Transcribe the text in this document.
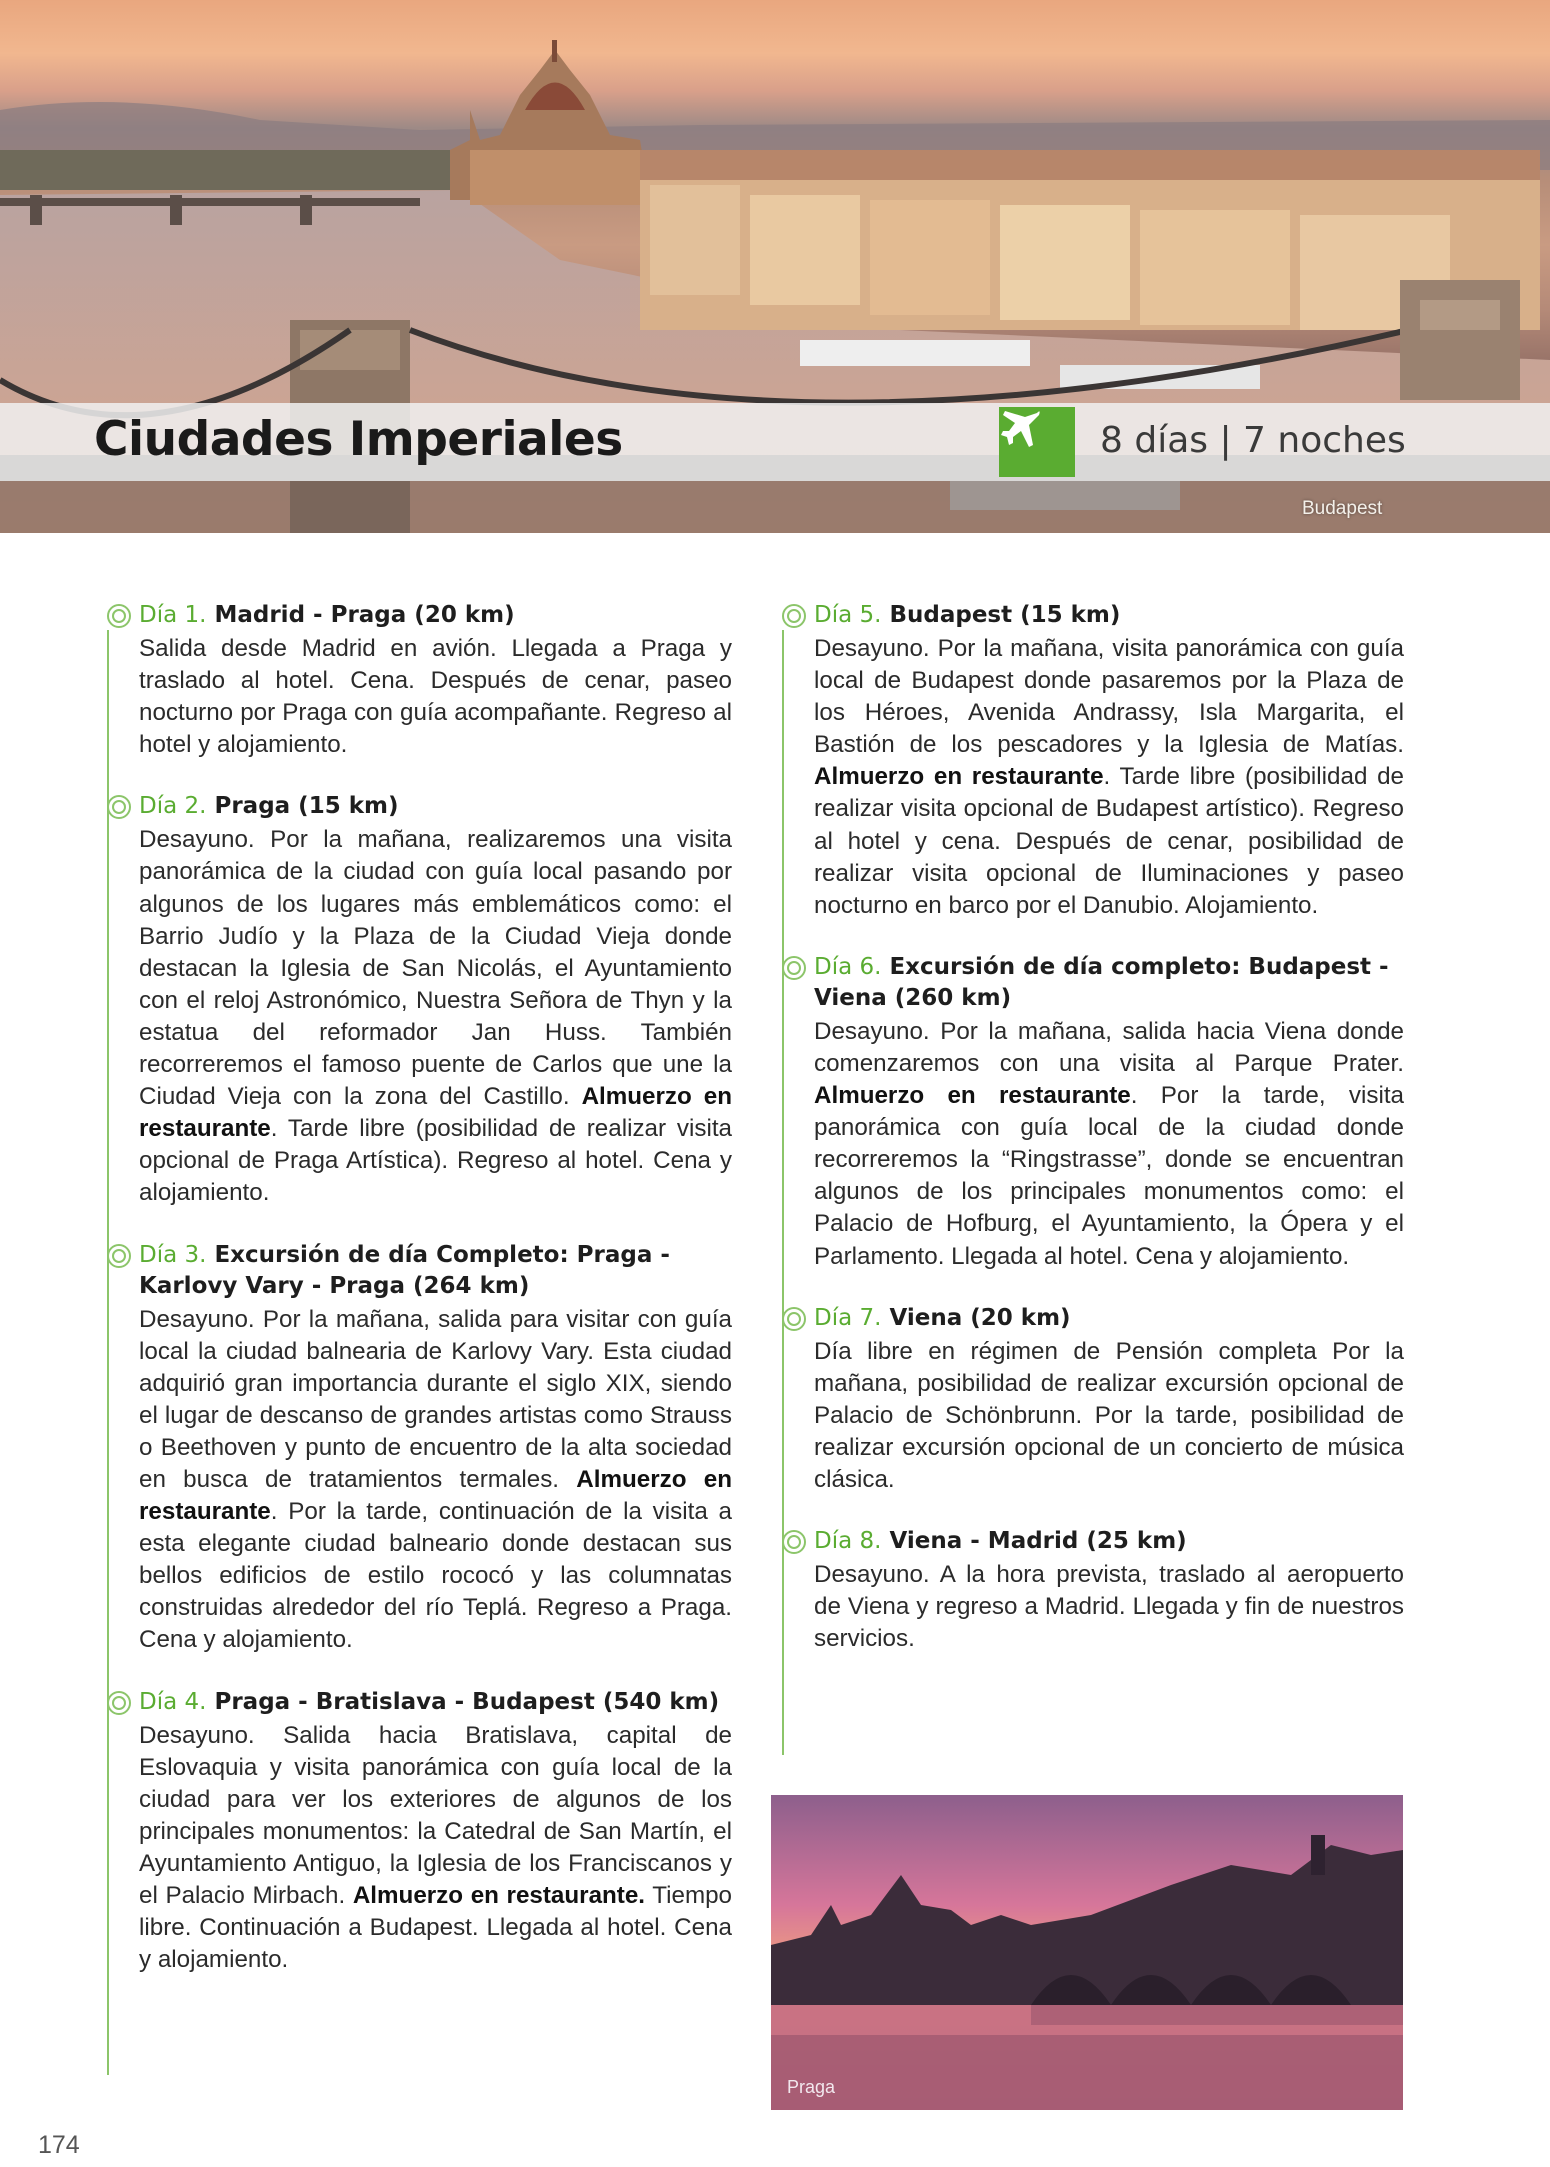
Ciudades Imperiales	8 días | 7 noches
Budapest

Día 1. Madrid - Praga (20 km)

Salida desde Madrid en avión. Llegada a Praga y traslado al hotel. Cena. Después de cenar, paseo nocturno por Praga con guía acompañante. Regreso al hotel y alojamiento.

Día 2. Praga (15 km)

Desayuno. Por la mañana, realizaremos una visita panorámica de la ciudad con guía local pasando por algunos de los lugares más emblemáticos como: el Barrio Judío y la Plaza de la Ciudad Vieja donde destacan la Iglesia de San Nicolás, el Ayuntamiento con el reloj Astronómico, Nuestra Señora de Thyn y la estatua del reformador Jan Huss. También recorreremos el famoso puente de Carlos que une la Ciudad Vieja con la zona del Castillo. Almuerzo en restaurante. Tarde libre (posibilidad de realizar visita opcional de Praga Artística). Regreso al hotel. Cena y alojamiento.

Día 3. Excursión de día Completo: Praga - Karlovy Vary - Praga (264 km)

Desayuno. Por la mañana, salida para visitar con guía local la ciudad balnearia de Karlovy Vary. Esta ciudad adquirió gran importancia durante el siglo XIX, siendo el lugar de descanso de grandes artistas como Strauss o Beethoven y punto de encuentro de la alta sociedad en busca de tratamientos termales. Almuerzo en restaurante. Por la tarde, continuación de la visita a esta elegante ciudad balneario donde destacan sus bellos edificios de estilo rococó y las columnatas construidas alrededor del río Teplá. Regreso a Praga. Cena y alojamiento.

Día 4. Praga - Bratislava - Budapest (540 km)

Desayuno. Salida hacia Bratislava, capital de Eslovaquia y visita panorámica con guía local de la ciudad para ver los exteriores de algunos de los principales monumentos: la Catedral de San Martín, el Ayuntamiento Antiguo, la Iglesia de los Franciscanos y el Palacio Mirbach. Almuerzo en restaurante. Tiempo libre. Continuación a Budapest. Llegada al hotel. Cena y alojamiento.

Día 5. Budapest (15 km)

Desayuno. Por la mañana, visita panorámica con guía local de Budapest donde pasaremos por la Plaza de los Héroes, Avenida Andrassy, Isla Margarita, el Bastión de los pescadores y la Iglesia de Matías. Almuerzo en restaurante. Tarde libre (posibilidad de realizar visita opcional de Budapest artístico). Regreso al hotel y cena. Después de cenar, posibilidad de realizar visita opcional de Iluminaciones y paseo nocturno en barco por el Danubio. Alojamiento.

Día 6. Excursión de día completo: Budapest - Viena (260 km)

Desayuno. Por la mañana, salida hacia Viena donde comenzaremos con una visita al Parque Prater. Almuerzo en restaurante. Por la tarde, visita panorámica con guía local de la ciudad donde recorreremos la “Ringstrasse”, donde se encuentran algunos de los principales monumentos como: el Palacio de Hofburg, el Ayuntamiento, la Ópera y el Parlamento. Llegada al hotel. Cena y alojamiento.

Día 7. Viena (20 km)

Día libre en régimen de Pensión completa Por la mañana, posibilidad de realizar excursión opcional de Palacio de Schönbrunn. Por la tarde, posibilidad de realizar excursión opcional de un concierto de música clásica.

Día 8. Viena - Madrid (25 km)

Desayuno. A la hora prevista, traslado al aeropuerto de Viena y regreso a Madrid. Llegada y fin de nuestros servicios.

Praga
174
